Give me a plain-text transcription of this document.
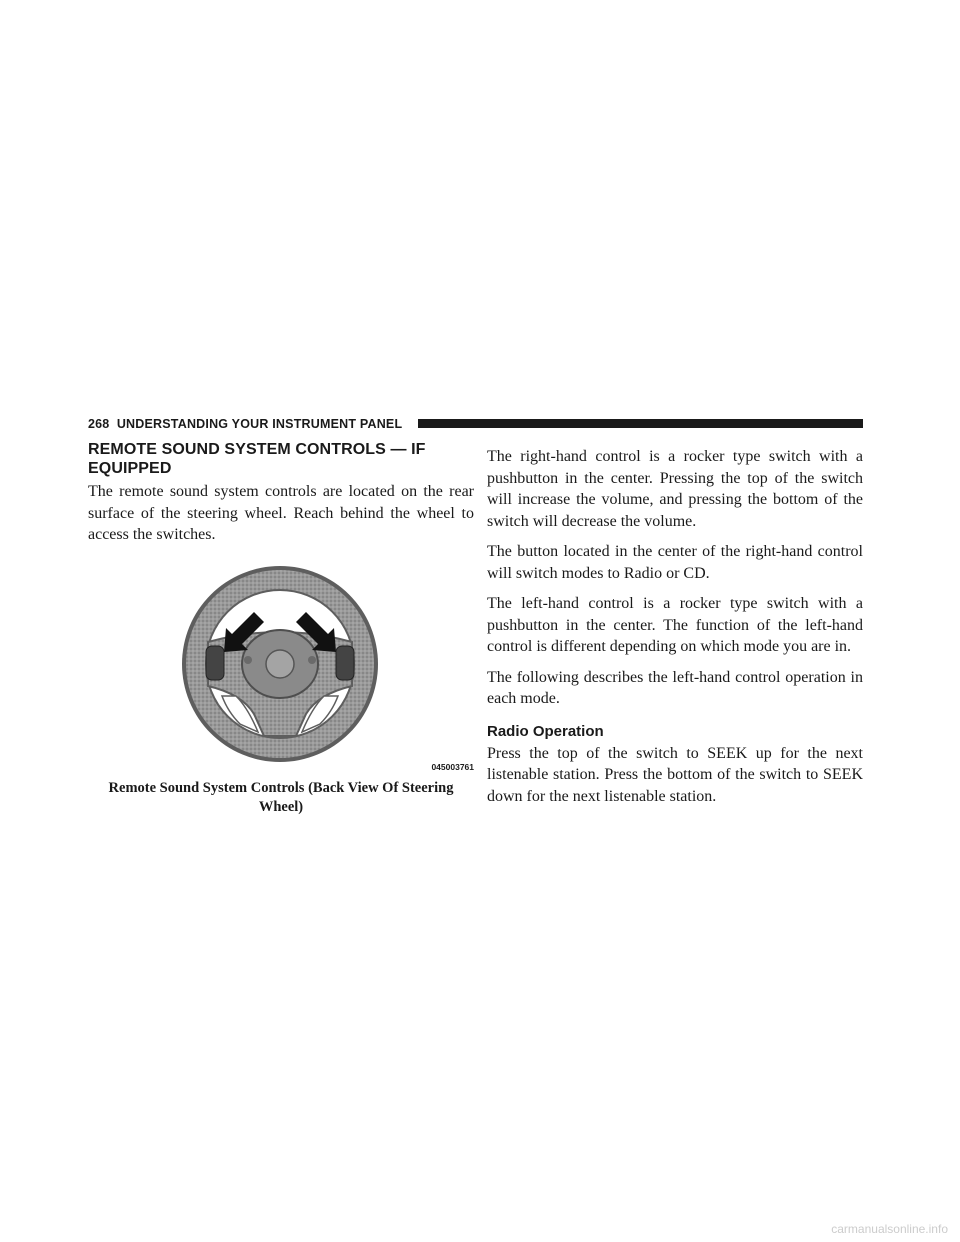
268 UNDERSTANDING YOUR INSTRUMENT PANEL
REMOTE SOUND SYSTEM CONTROLS — IF EQUIPPED

The remote sound system controls are located on the rear surface of the steering wheel. Reach behind the wheel to access the switches.

045003761
Remote Sound System Controls (Back View Of Steering Wheel)

The right-hand control is a rocker type switch with a pushbutton in the center. Pressing the top of the switch will increase the volume, and pressing the bottom of the switch will decrease the volume.

The button located in the center of the right-hand control will switch modes to Radio or CD.

The left-hand control is a rocker type switch with a pushbutton in the center. The function of the left-hand control is different depending on which mode you are in.

The following describes the left-hand control operation in each mode.

Radio Operation

Press the top of the switch to SEEK up for the next listenable station. Press the bottom of the switch to SEEK down for the next listenable station.

carmanualsonline.info
